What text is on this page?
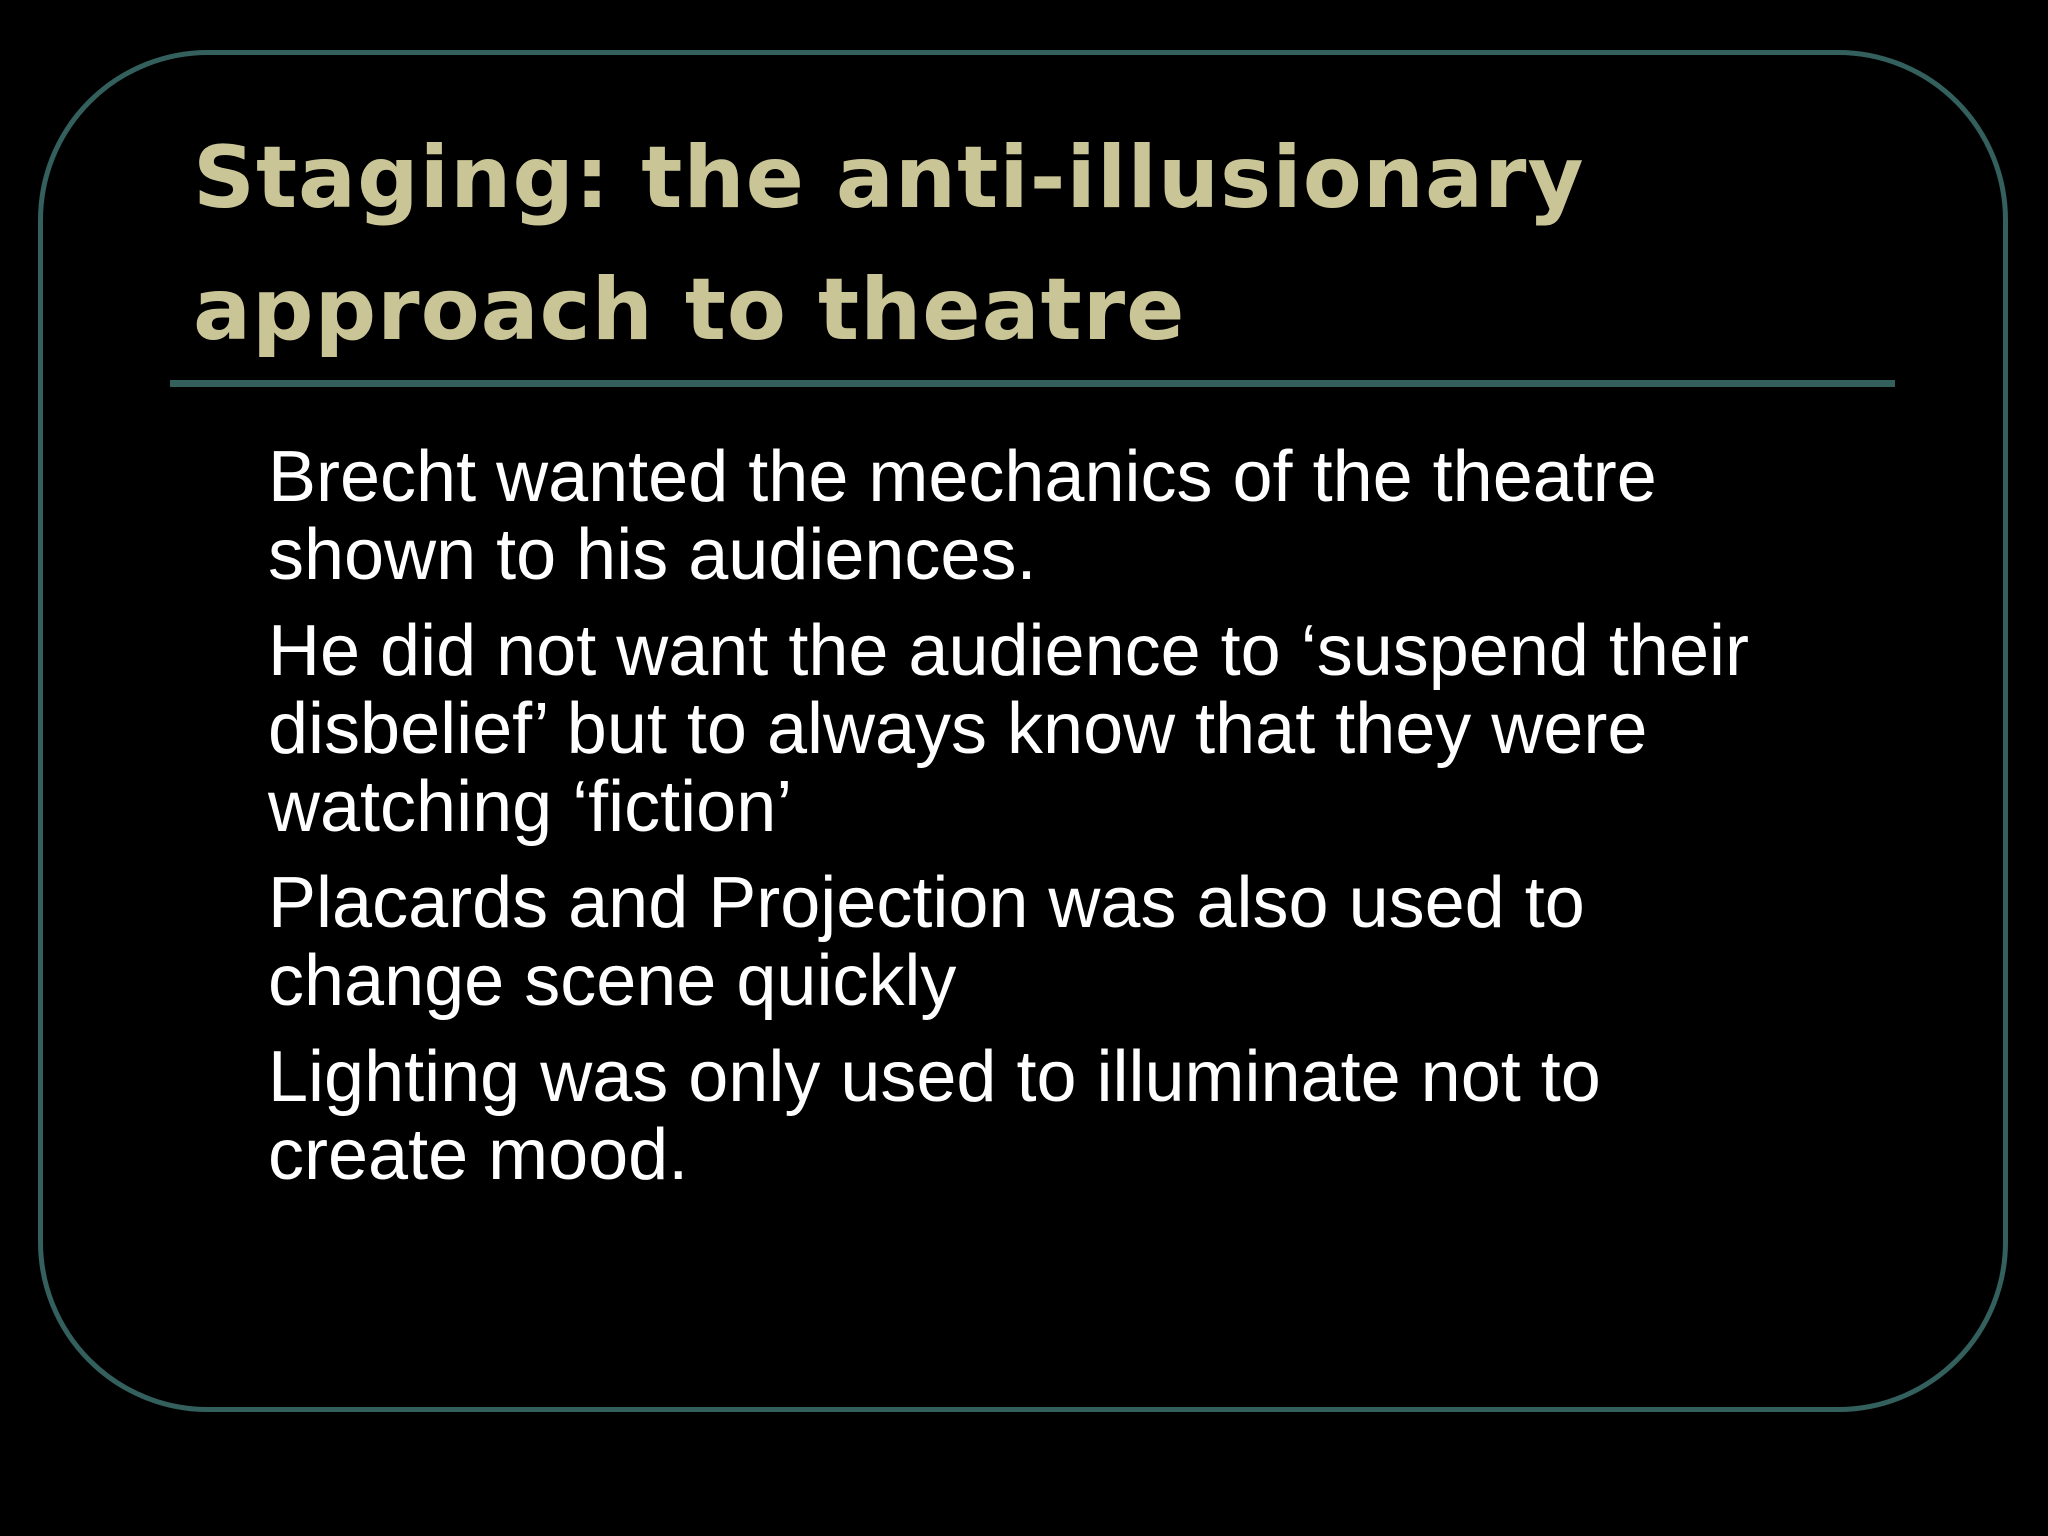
Staging: the anti-illusionary
approach to theatre
Brecht wanted the mechanics of the theatre
shown to his audiences.
He did not want the audience to ‘suspend their
disbelief’ but to always know that they were
watching ‘fiction’
Placards and Projection was also used to
change scene quickly
Lighting was only used to illuminate not to
create mood.
